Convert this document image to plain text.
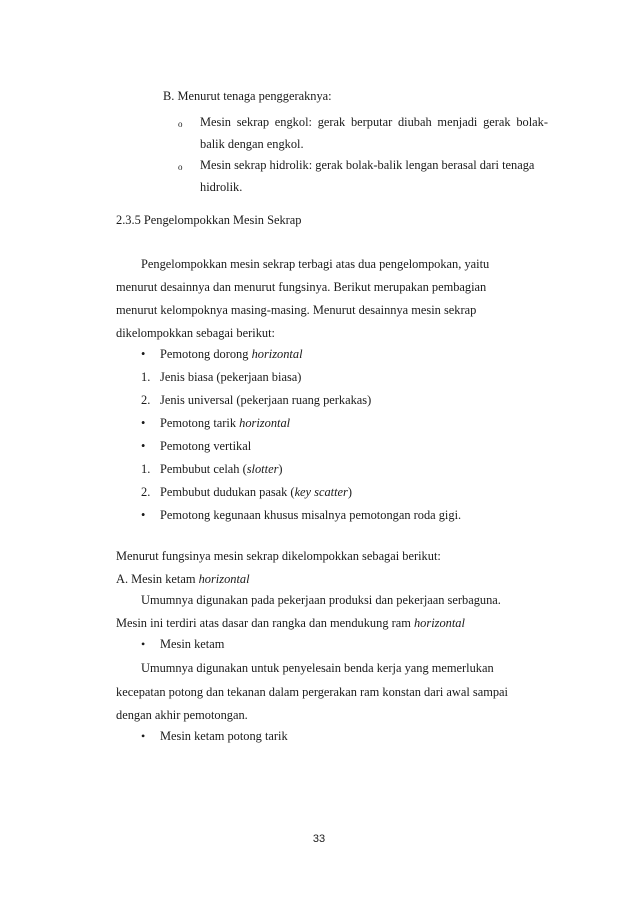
B. Menurut tenaga penggeraknya:
o Mesin sekrap engkol: gerak berputar diubah menjadi gerak bolak-
balik dengan engkol.
o Mesin sekrap hidrolik: gerak bolak-balik lengan berasal dari tenaga
hidrolik.
2.3.5 Pengelompokkan Mesin Sekrap
Pengelompokkan mesin sekrap terbagi atas dua pengelompokan, yaitu
menurut desainnya dan menurut fungsinya. Berikut merupakan pembagian
menurut kelompoknya masing-masing. Menurut desainnya mesin sekrap
dikelompokkan sebagai berikut:
• Pemotong dorong horizontal
1. Jenis biasa (pekerjaan biasa)
2. Jenis universal (pekerjaan ruang perkakas)
• Pemotong tarik horizontal
• Pemotong vertikal
1. Pembubut celah (slotter)
2. Pembubut dudukan pasak (key scatter)
• Pemotong kegunaan khusus misalnya pemotongan roda gigi.
Menurut fungsinya mesin sekrap dikelompokkan sebagai berikut:
A. Mesin ketam horizontal
Umumnya digunakan pada pekerjaan produksi dan pekerjaan serbaguna.
Mesin ini terdiri atas dasar dan rangka dan mendukung ram horizontal
• Mesin ketam
Umumnya digunakan untuk penyelesain benda kerja yang memerlukan
kecepatan potong dan tekanan dalam pergerakan ram konstan dari awal sampai
dengan akhir pemotongan.
• Mesin ketam potong tarik
33
